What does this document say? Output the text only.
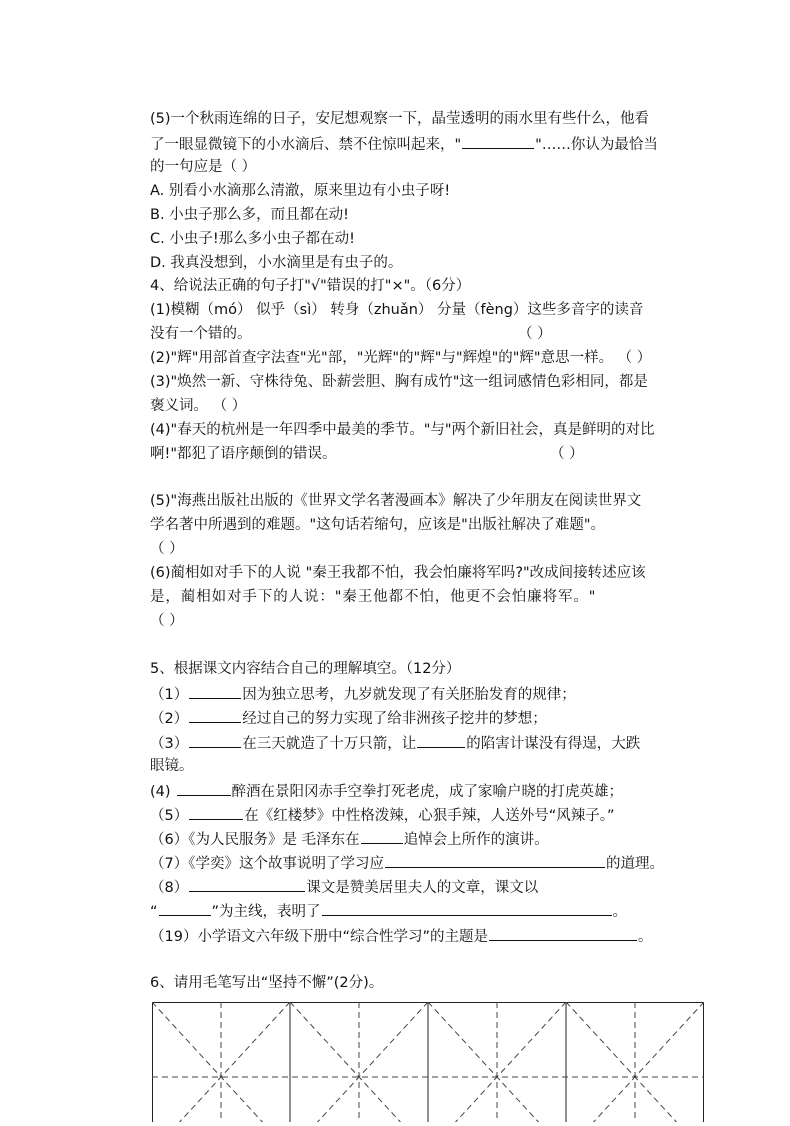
(5)一个秋雨连绵的日子，安尼想观察一下，晶莹透明的雨水里有些什么，他看
了一眼显微镜下的小水滴后、禁不住惊叫起来，"	"……你认为最恰当
的一句应是（ ）
A. 别看小水滴那么清澈，原来里边有小虫子呀!
B. 小虫子那么多，而且都在动!
C. 小虫子!那么多小虫子都在动!
D. 我真没想到，小水滴里是有虫子的。
4、给说法正确的句子打"√"错误的打"×"。（6分）
(1)模糊（mó） 似乎（sì） 转身（zhuǎn） 分量（fèng）这些多音字的读音
没有一个错的。	（ ）
(2)"辉"用部首查字法查"光"部，"光辉"的"辉"与"辉煌"的"辉"意思一样。 （ ）
(3)"焕然一新、守株待兔、卧薪尝胆、胸有成竹"这一组词感情色彩相同，都是
褒义词。 （ ）
(4)"春天的杭州是一年四季中最美的季节。"与"两个新旧社会，真是鲜明的对比
啊!"都犯了语序颠倒的错误。	（ ）
(5)"海燕出版社出版的《世界文学名著漫画本》解决了少年朋友在阅读世界文
学名著中所遇到的难题。"这句话若缩句，应该是"出版社解决了难题"。
（ ）
(6)蔺相如对手下的人说 "秦王我都不怕，我会怕廉将军吗?"改成间接转述应该
是，蔺相如对手下的人说："秦王他都不怕，他更不会怕廉将军。"
（ ）
5、根据课文内容结合自己的理解填空。（12分）
（1）	因为独立思考，九岁就发现了有关胚胎发育的规律；
（2）	经过自己的努力实现了给非洲孩子挖井的梦想；
（3）	在三天就造了十万只箭，让	的陷害计谋没有得逞，大跌
眼镜。
(4)	醉酒在景阳冈赤手空拳打死老虎，成了家喻户晓的打虎英雄；
（5）	在《红楼梦》中性格泼辣，心狠手辣，人送外号“风辣子。”
（6）《为人民服务》是 毛泽东在	追悼会上所作的演讲。
（7）《学奕》这个故事说明了学习应	的道理。
（8）	课文是赞美居里夫人的文章，课文以
“	”为主线，表明了	。
（19）小学语文六年级下册中“综合性学习”的主题是	。
6、请用毛笔写出“坚持不懈”(2分)。
